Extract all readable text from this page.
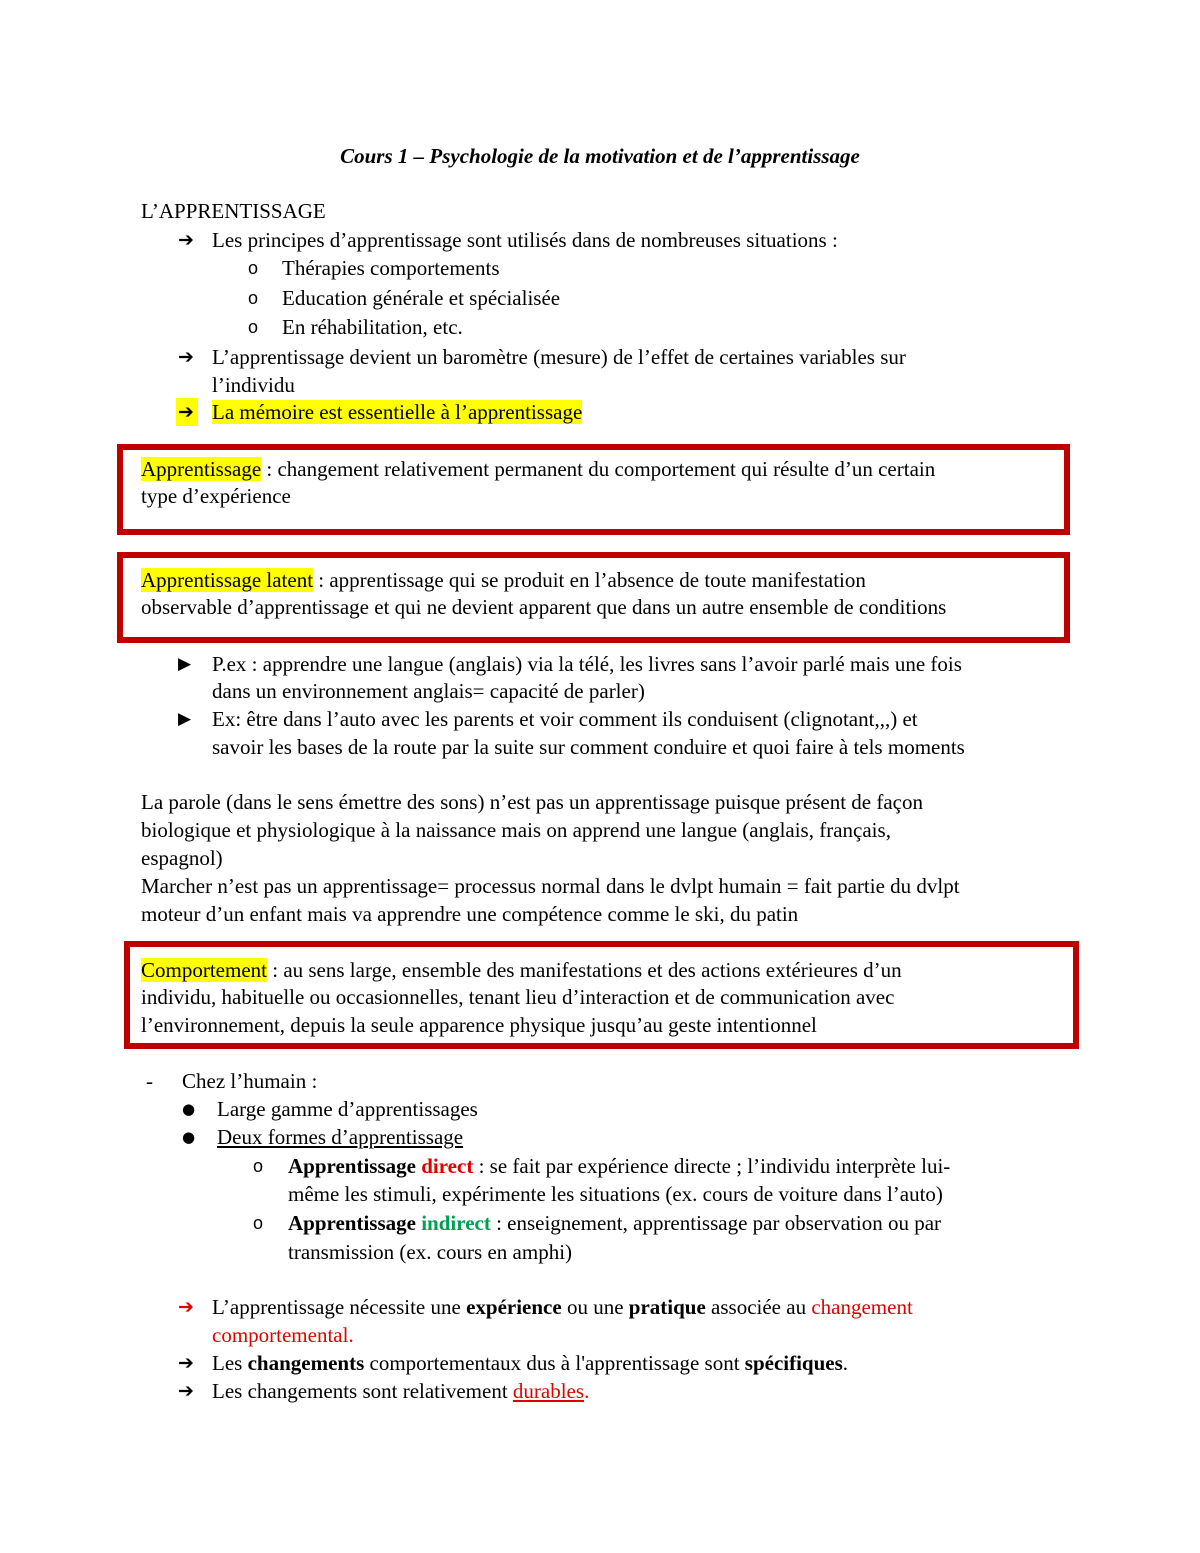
Cours 1 – Psychologie de la motivation et de l’apprentissage
L’APPRENTISSAGE
➔ Les principes d’apprentissage sont utilisés dans de nombreuses situations :
o Thérapies comportements
o Education générale et spécialisée
o En réhabilitation, etc.
➔ L’apprentissage devient un baromètre (mesure) de l’effet de certaines variables sur
l’individu
➔ La mémoire est essentielle à l’apprentissage
Apprentissage : changement relativement permanent du comportement qui résulte d’un certain
type d’expérience
Apprentissage latent : apprentissage qui se produit en l’absence de toute manifestation
observable d’apprentissage et qui ne devient apparent que dans un autre ensemble de conditions
▶ P.ex : apprendre une langue (anglais) via la télé, les livres sans l’avoir parlé mais une fois
dans un environnement anglais= capacité de parler)
▶ Ex: être dans l’auto avec les parents et voir comment ils conduisent (clignotant,,,) et
savoir les bases de la route par la suite sur comment conduire et quoi faire à tels moments
La parole (dans le sens émettre des sons) n’est pas un apprentissage puisque présent de façon
biologique et physiologique à la naissance mais on apprend une langue (anglais, français,
espagnol)
Marcher n’est pas un apprentissage= processus normal dans le dvlpt humain = fait partie du dvlpt
moteur d’un enfant mais va apprendre une compétence comme le ski, du patin
Comportement : au sens large, ensemble des manifestations et des actions extérieures d’un
individu, habituelle ou occasionnelles, tenant lieu d’interaction et de communication avec
l’environnement, depuis la seule apparence physique jusqu’au geste intentionnel
- Chez l’humain :
● Large gamme d’apprentissages
● Deux formes d’apprentissage
o Apprentissage direct : se fait par expérience directe ; l’individu interprète lui-
même les stimuli, expérimente les situations (ex. cours de voiture dans l’auto)
o Apprentissage indirect : enseignement, apprentissage par observation ou par
transmission (ex. cours en amphi)
➔ L’apprentissage nécessite une expérience ou une pratique associée au changement
comportemental.
➔ Les changements comportementaux dus à l'apprentissage sont spécifiques.
➔ Les changements sont relativement durables.
